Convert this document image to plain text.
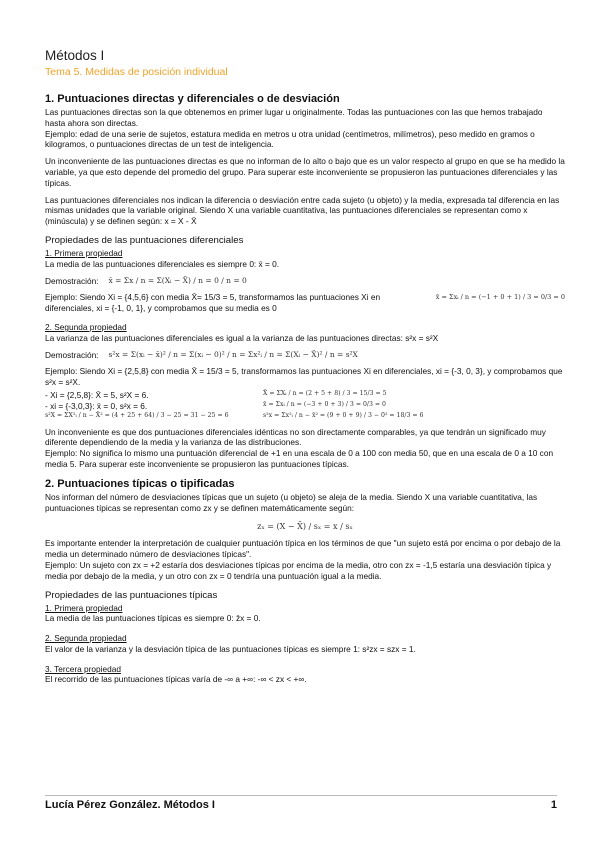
Métodos I
Tema 5. Medidas de posición individual
1. Puntuaciones directas y diferenciales o de desviación

Las puntuaciones directas son la que obtenemos en primer lugar u originalmente. Todas las puntuaciones con las que hemos trabajado hasta ahora son directas.
Ejemplo: edad de una serie de sujetos, estatura medida en metros u otra unidad (centímetros, milímetros), peso medido en gramos o kilogramos, o puntuaciones directas de un test de inteligencia.

Un inconveniente de las puntuaciones directas es que no informan de lo alto o bajo que es un valor respecto al grupo en que se ha medido la variable, ya que esto depende del promedio del grupo. Para superar este inconveniente se propusieron las puntuaciones diferenciales y las típicas.

Las puntuaciones diferenciales nos indican la diferencia o desviación entre cada sujeto (u objeto) y la media, expresada tal diferencia en las mismas unidades que la variable original. Siendo X una variable cuantitativa, las puntuaciones diferenciales se representan como x (minúscula) y se definen según: x = X - X̄

Propiedades de las puntuaciones diferenciales
1. Primera propiedad

La media de las puntuaciones diferenciales es siempre 0: x̄ = 0.

Demostración: x̄ = Σx / n = Σ(Xᵢ − X̄) / n = 0 / n = 0
Ejemplo: Siendo Xi = {4,5,6} con media X̄= 15/3 = 5, transformamos las puntuaciones Xi en diferenciales, xi = {-1, 0, 1}, y comprobamos que su media es 0
x̄ = Σxᵢ / n = (−1 + 0 + 1) / 3 = 0/3 = 0
2. Segunda propiedad

La varianza de las puntuaciones diferenciales es igual a la varianza de las puntuaciones directas: s²x = s²X

Demostración: s²x = Σ(xᵢ − x̄)² / n = Σ(xᵢ − 0)² / n = Σx²ᵢ / n = Σ(Xᵢ − X̄)² / n = s²X

Ejemplo: Siendo Xi = {2,5,8} con media X̄ = 15/3 = 5, transformamos las puntuaciones Xi en diferenciales, xi = {-3, 0, 3}, y comprobamos que s²x = s²X.

- Xi = {2,5,8}: X̄ = 5, s²X = 6.	X̄ = ΣXᵢ / n = (2 + 5 + 8) / 3 = 15/3 = 5
- xi = {-3,0,3}: x̄ = 0, s²x = 6.	x̄ = Σxᵢ / n = (−3 + 0 + 3) / 3 = 0/3 = 0
s²X = ΣX²ᵢ / n − X̄² = (4 + 25 + 64) / 3 − 25 = 31 − 25 = 6	s²x = Σx²ᵢ / n − x̄² = (9 + 0 + 9) / 3 − 0² = 18/3 = 6

Un inconveniente es que dos puntuaciones diferenciales idénticas no son directamente comparables, ya que tendrán un significado muy diferente dependiendo de la media y la varianza de las distribuciones.
Ejemplo: No significa lo mismo una puntuación diferencial de +1 en una escala de 0 a 100 con media 50, que en una escala de 0 a 10 con media 5. Para superar este inconveniente se propusieron las puntuaciones típicas.

2. Puntuaciones típicas o tipificadas

Nos informan del número de desviaciones típicas que un sujeto (u objeto) se aleja de la media. Siendo X una variable cuantitativa, las puntuaciones típicas se representan como zx y se definen matemáticamente según:

zₓ = (X − X̄) / sₓ = x / sₓ

Es importante entender la interpretación de cualquier puntuación típica en los términos de que "un sujeto está por encima o por debajo de la media un determinado número de desviaciones típicas".
Ejemplo: Un sujeto con zx = +2 estaría dos desviaciones típicas por encima de la media, otro con zx = -1,5 estaría una desviación típica y media por debajo de la media, y un otro con zx = 0 tendría una puntuación igual a la media.

Propiedades de las puntuaciones típicas
1. Primera propiedad

La media de las puntuaciones típicas es siempre 0: z̄x = 0.

2. Segunda propiedad

El valor de la varianza y la desviación típica de las puntuaciones típicas es siempre 1: s²zx = szx = 1.

3. Tercera propiedad

El recorrido de las puntuaciones típicas varía de -∞ a +∞: -∞ < zx < +∞.

Lucía Pérez González. Métodos I	1
